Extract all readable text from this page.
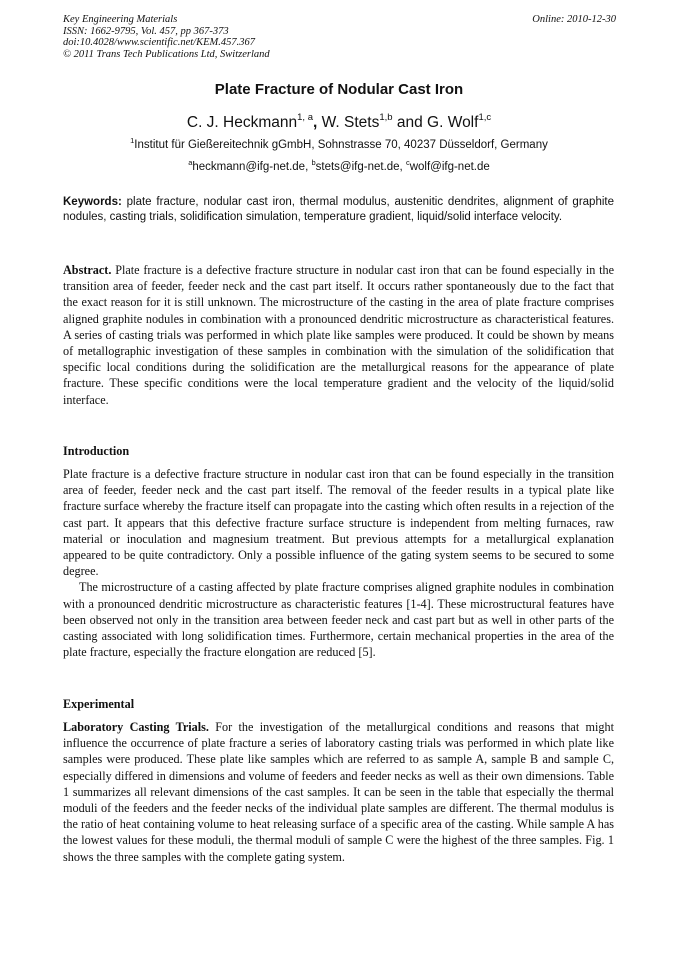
Key Engineering Materials
ISSN: 1662-9795, Vol. 457, pp 367-373
doi:10.4028/www.scientific.net/KEM.457.367
© 2011 Trans Tech Publications Ltd, Switzerland
Online: 2010-12-30
Plate Fracture of Nodular Cast Iron
C. J. Heckmann$^{1, a}$, W. Stets$^{1,b}$ and G. Wolf$^{1,c}$
$^1$Institut für Gießereitechnik gGmbH, Sohnstrasse 70, 40237 Düsseldorf, Germany
$^a$heckmann@ifg-net.de, $^b$stets@ifg-net.de, $^c$wolf@ifg-net.de
Keywords: plate fracture, nodular cast iron, thermal modulus, austenitic dendrites, alignment of graphite nodules, casting trials, solidification simulation, temperature gradient, liquid/solid interface velocity.
Abstract. Plate fracture is a defective fracture structure in nodular cast iron that can be found especially in the transition area of feeder, feeder neck and the cast part itself. It occurs rather spontaneously due to the fact that the exact reason for it is still unknown. The microstructure of the casting in the area of plate fracture comprises aligned graphite nodules in combination with a pronounced dendritic microstructure as characteristical features. A series of casting trials was performed in which plate like samples were produced. It could be shown by means of metallographic investigation of these samples in combination with the simulation of the solidification that specific local conditions during the solidification are the metallurgical reasons for the appearance of plate fracture. These specific conditions were the local temperature gradient and the velocity of the liquid/solid interface.
Introduction

Plate fracture is a defective fracture structure in nodular cast iron that can be found especially in the transition area of feeder, feeder neck and the cast part itself. The removal of the feeder results in a typical plate like fracture surface whereby the fracture itself can propagate into the casting which often results in a rejection of the cast part. It appears that this defective fracture surface structure is independent from melting furnaces, raw material or inoculation and magnesium treatment. But previous attempts for a metallurgical explanation appeared to be quite contradictory. Only a possible influence of the gating system seems to be secured to some degree.

The microstructure of a casting affected by plate fracture comprises aligned graphite nodules in combination with a pronounced dendritic microstructure as characteristic features [1-4]. These microstructural features have been observed not only in the transition area between feeder neck and cast part but as well in other parts of the casting associated with long solidification times. Furthermore, certain mechanical properties in the area of the plate fracture, especially the fracture elongation are reduced [5].

Experimental
Laboratory Casting Trials. For the investigation of the metallurgical conditions and reasons that might influence the occurrence of plate fracture a series of laboratory casting trials was performed in which plate like samples were produced. These plate like samples which are referred to as sample A, sample B and sample C, especially differed in dimensions and volume of feeders and feeder necks as well as their own dimensions. Table 1 summarizes all relevant dimensions of the cast samples. It can be seen in the table that especially the thermal moduli of the feeders and the feeder necks of the individual plate samples are different. The thermal modulus is the ratio of heat containing volume to heat releasing surface of a specific area of the casting. While sample A has the lowest values for these moduli, the thermal moduli of sample C were the highest of the three samples. Fig. 1 shows the three samples with the complete gating system.
